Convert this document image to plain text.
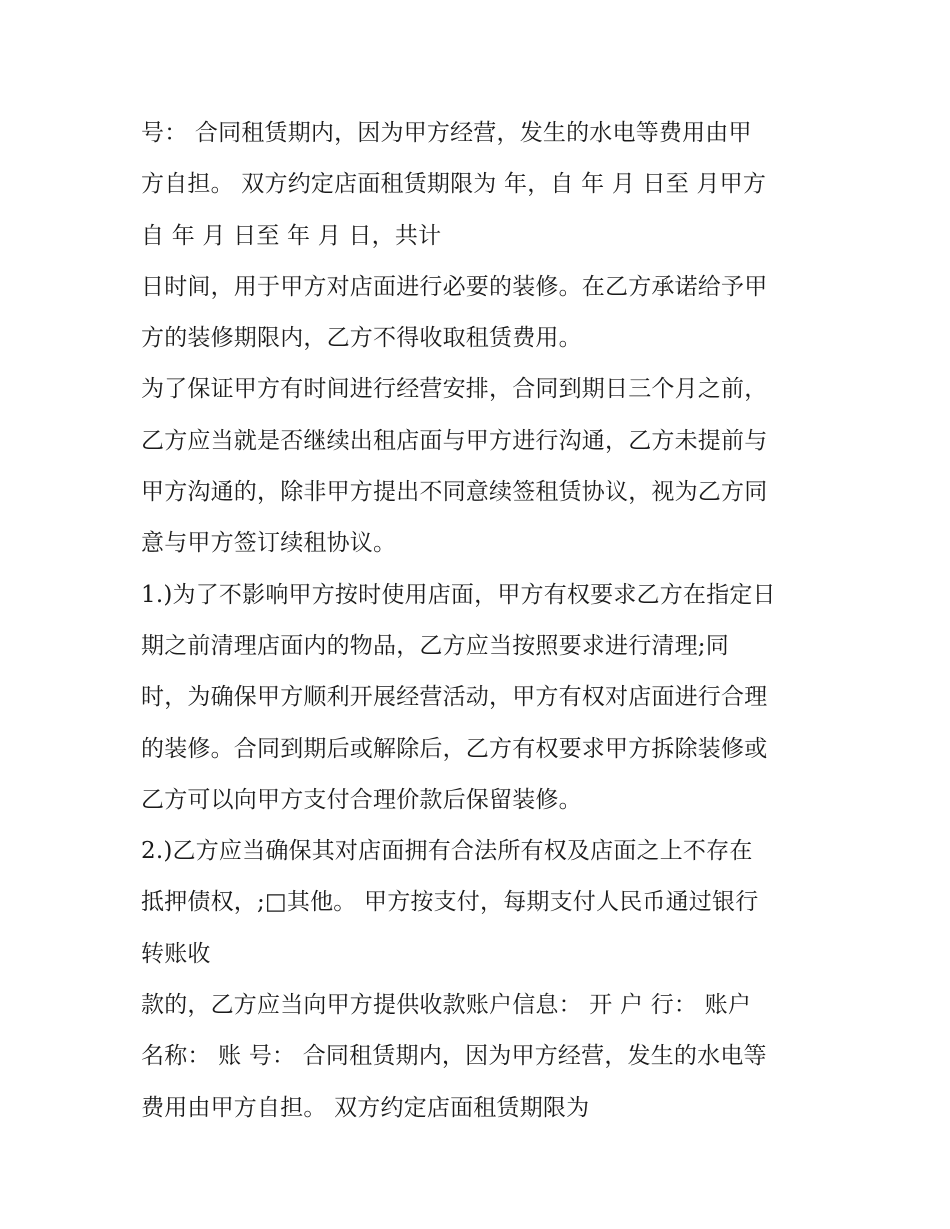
号： 合同租赁期内，因为甲方经营，发生的水电等费用由甲
方自担。 双方约定店面租赁期限为 年，自 年 月 日至 月甲方
自 年 月 日至 年 月 日，共计
日时间，用于甲方对店面进行必要的装修。在乙方承诺给予甲
方的装修期限内，乙方不得收取租赁费用。
为了保证甲方有时间进行经营安排，合同到期日三个月之前，
乙方应当就是否继续出租店面与甲方进行沟通，乙方未提前与
甲方沟通的，除非甲方提出不同意续签租赁协议，视为乙方同
意与甲方签订续租协议。
1.)为了不影响甲方按时使用店面，甲方有权要求乙方在指定日
期之前清理店面内的物品，乙方应当按照要求进行清理;同
时，为确保甲方顺利开展经营活动，甲方有权对店面进行合理
的装修。合同到期后或解除后，乙方有权要求甲方拆除装修或
乙方可以向甲方支付合理价款后保留装修。
2.)乙方应当确保其对店面拥有合法所有权及店面之上不存在
抵押债权，;□其他。 甲方按支付，每期支付人民币通过银行
转账收
款的，乙方应当向甲方提供收款账户信息： 开 户 行： 账户
名称： 账 号： 合同租赁期内，因为甲方经营，发生的水电等
费用由甲方自担。 双方约定店面租赁期限为
